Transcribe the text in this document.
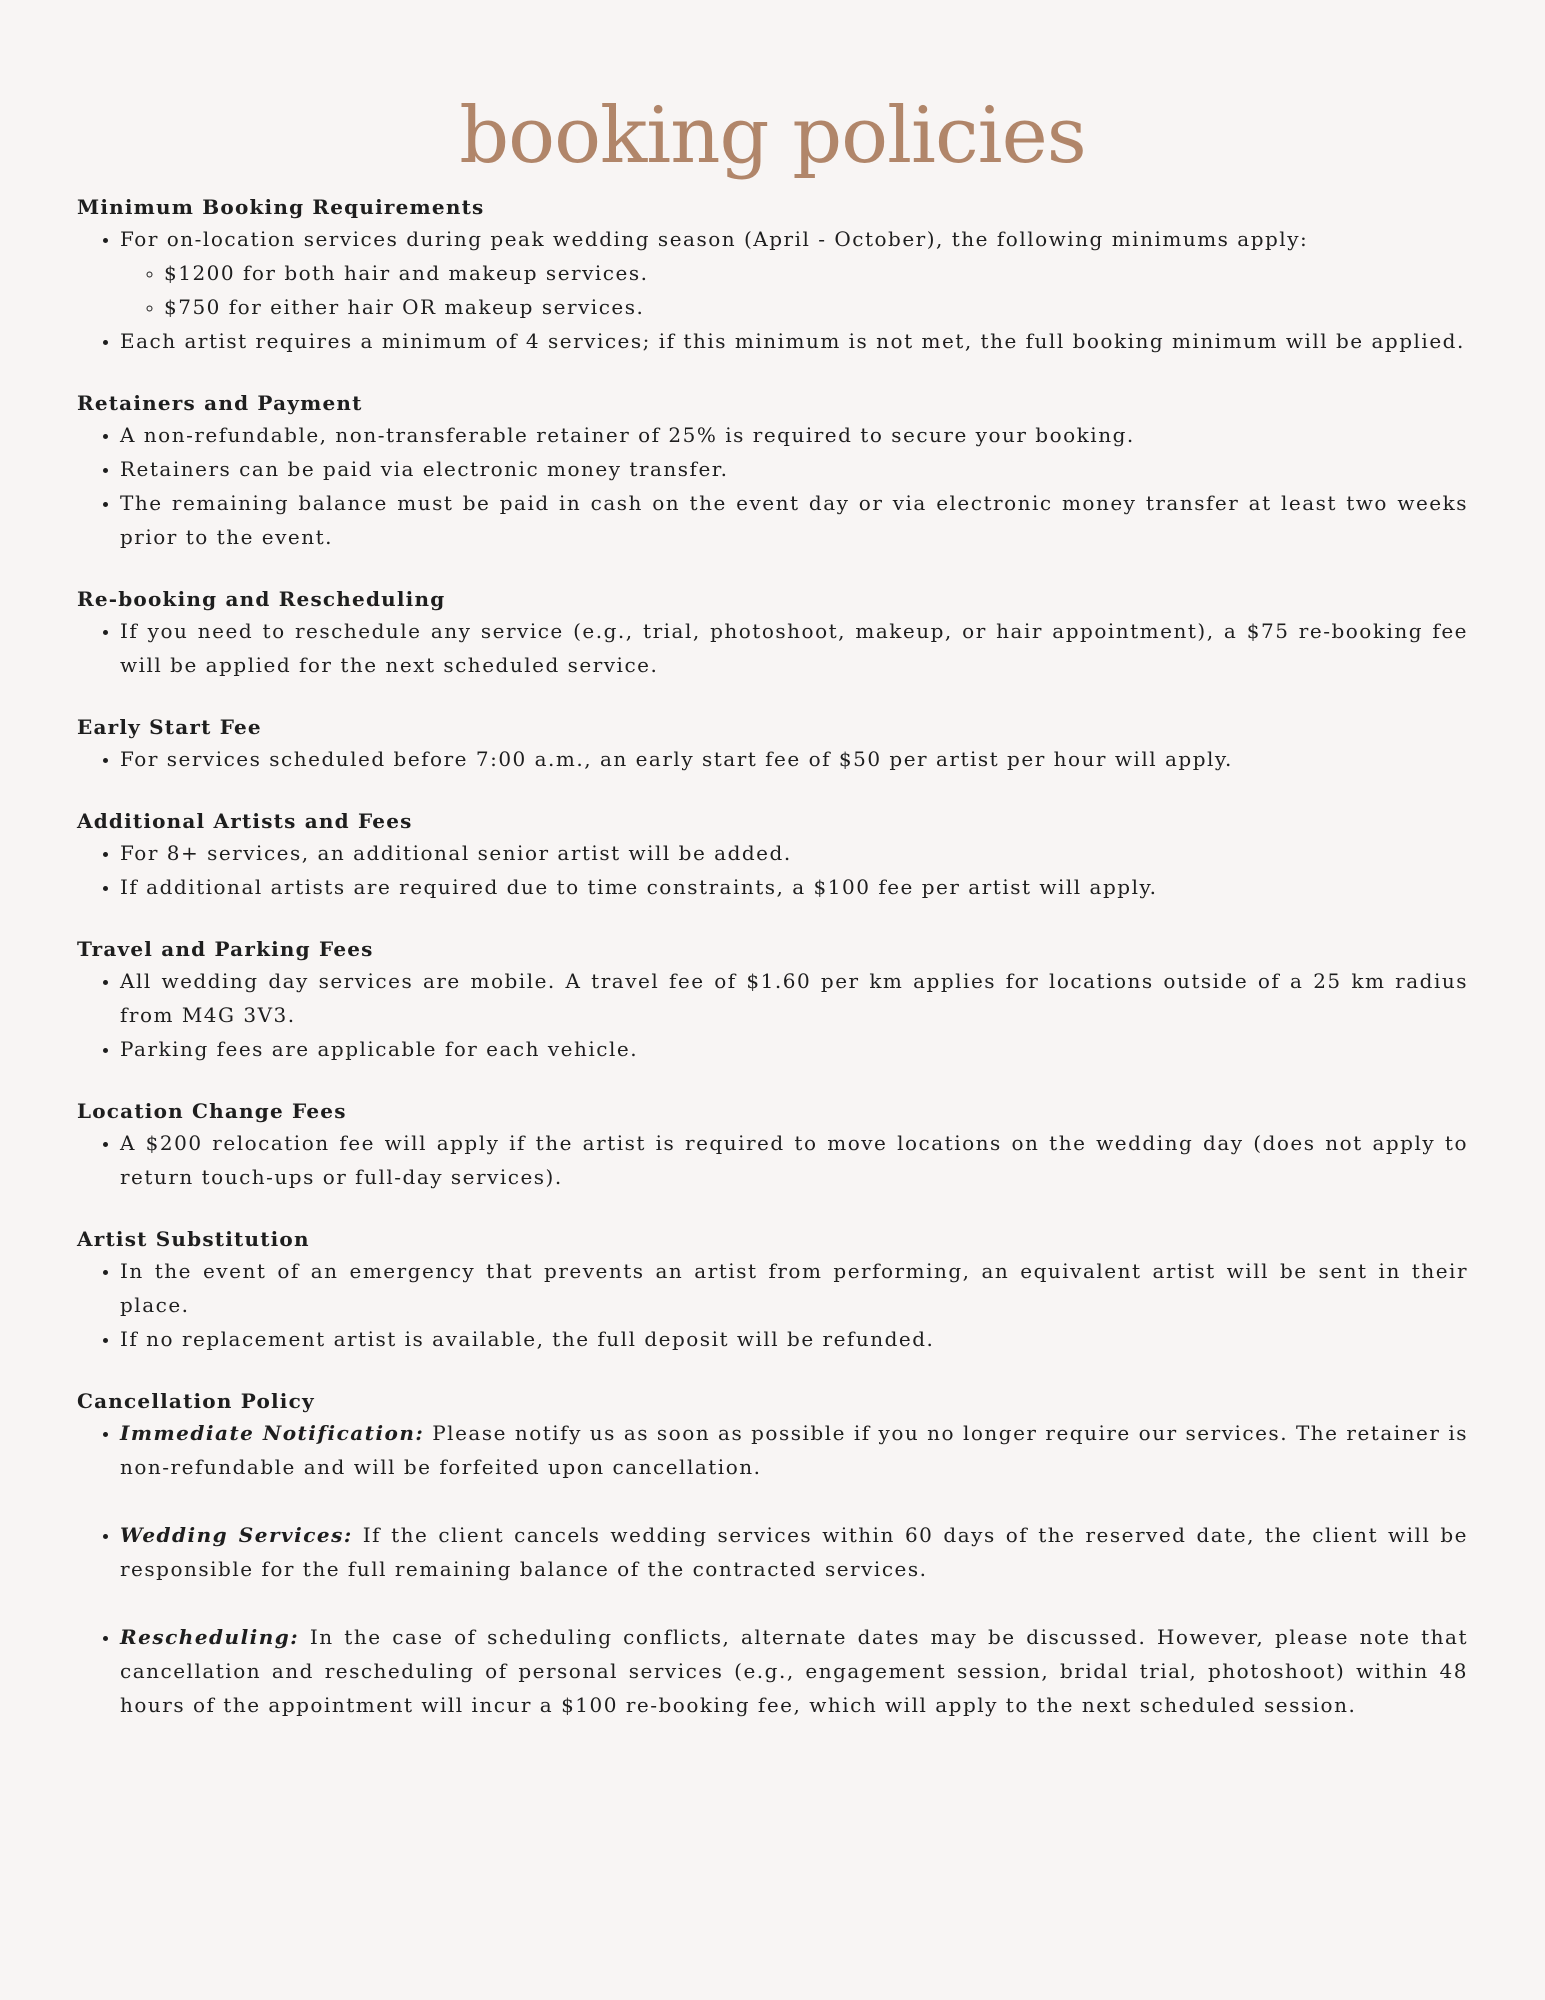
booking policies
Minimum Booking Requirements
• For on-location services during peak wedding season (April - October), the following minimums apply:
◦ $1200 for both hair and makeup services.
◦ $750 for either hair OR makeup services.
• Each artist requires a minimum of 4 services; if this minimum is not met, the full booking minimum will be applied.
Retainers and Payment
• A non-refundable, non-transferable retainer of 25% is required to secure your booking.
• Retainers can be paid via electronic money transfer.
• The remaining balance must be paid in cash on the event day or via electronic money transfer at least two weeks prior to the event.
Re-booking and Rescheduling
• If you need to reschedule any service (e.g., trial, photoshoot, makeup, or hair appointment), a $75 re-booking fee will be applied for the next scheduled service.
Early Start Fee
• For services scheduled before 7:00 a.m., an early start fee of $50 per artist per hour will apply.
Additional Artists and Fees
• For 8+ services, an additional senior artist will be added.
• If additional artists are required due to time constraints, a $100 fee per artist will apply.
Travel and Parking Fees
• All wedding day services are mobile. A travel fee of $1.60 per km applies for locations outside of a 25 km radius from M4G 3V3.
• Parking fees are applicable for each vehicle.
Location Change Fees
• A $200 relocation fee will apply if the artist is required to move locations on the wedding day (does not apply to return touch-ups or full-day services).
Artist Substitution
• In the event of an emergency that prevents an artist from performing, an equivalent artist will be sent in their place.
• If no replacement artist is available, the full deposit will be refunded.
Cancellation Policy
• Immediate Notification: Please notify us as soon as possible if you no longer require our services. The retainer is non-refundable and will be forfeited upon cancellation.
• Wedding Services: If the client cancels wedding services within 60 days of the reserved date, the client will be responsible for the full remaining balance of the contracted services.
• Rescheduling: In the case of scheduling conflicts, alternate dates may be discussed. However, please note that cancellation and rescheduling of personal services (e.g., engagement session, bridal trial, photoshoot) within 48 hours of the appointment will incur a $100 re-booking fee, which will apply to the next scheduled session.
